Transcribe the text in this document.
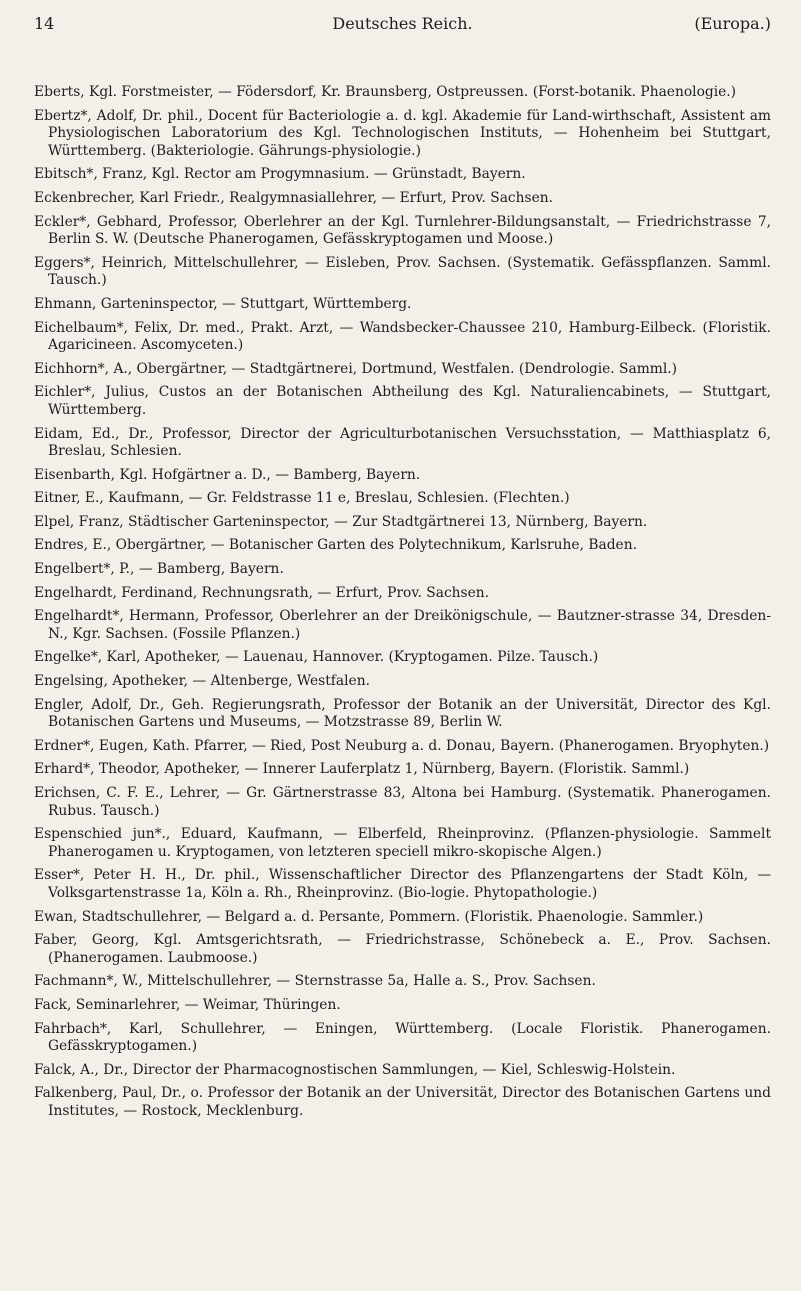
14	Deutsches Reich.	(Europa.)

Eberts, Kgl. Forstmeister, — Födersdorf, Kr. Braunsberg, Ostpreussen. (Forst-botanik. Phaenologie.)

Ebertz*, Adolf, Dr. phil., Docent für Bacteriologie a. d. kgl. Akademie für Land-wirthschaft, Assistent am Physiologischen Laboratorium des Kgl. Technologischen Instituts, — Hohenheim bei Stuttgart, Württemberg. (Bakteriologie. Gährungs-physiologie.)

Ebitsch*, Franz, Kgl. Rector am Progymnasium. — Grünstadt, Bayern.

Eckenbrecher, Karl Friedr., Realgymnasiallehrer, — Erfurt, Prov. Sachsen.

Eckler*, Gebhard, Professor, Oberlehrer an der Kgl. Turnlehrer-Bildungsanstalt, — Friedrichstrasse 7, Berlin S. W. (Deutsche Phanerogamen, Gefässkryptogamen und Moose.)

Eggers*, Heinrich, Mittelschullehrer, — Eisleben, Prov. Sachsen. (Systematik. Gefässpflanzen. Samml. Tausch.)

Ehmann, Garteninspector, — Stuttgart, Württemberg.

Eichelbaum*, Felix, Dr. med., Prakt. Arzt, — Wandsbecker-Chaussee 210, Hamburg-Eilbeck. (Floristik. Agaricineen. Ascomyceten.)

Eichhorn*, A., Obergärtner, — Stadtgärtnerei, Dortmund, Westfalen. (Dendrologie. Samml.)

Eichler*, Julius, Custos an der Botanischen Abtheilung des Kgl. Naturaliencabinets, — Stuttgart, Württemberg.

Eidam, Ed., Dr., Professor, Director der Agriculturbotanischen Versuchsstation, — Matthiasplatz 6, Breslau, Schlesien.

Eisenbarth, Kgl. Hofgärtner a. D., — Bamberg, Bayern.

Eitner, E., Kaufmann, — Gr. Feldstrasse 11 e, Breslau, Schlesien. (Flechten.)

Elpel, Franz, Städtischer Garteninspector, — Zur Stadtgärtnerei 13, Nürnberg, Bayern.

Endres, E., Obergärtner, — Botanischer Garten des Polytechnikum, Karlsruhe, Baden.

Engelbert*, P., — Bamberg, Bayern.

Engelhardt, Ferdinand, Rechnungsrath, — Erfurt, Prov. Sachsen.

Engelhardt*, Hermann, Professor, Oberlehrer an der Dreikönigschule, — Bautzner-strasse 34, Dresden-N., Kgr. Sachsen. (Fossile Pflanzen.)

Engelke*, Karl, Apotheker, — Lauenau, Hannover. (Kryptogamen. Pilze. Tausch.)

Engelsing, Apotheker, — Altenberge, Westfalen.

Engler, Adolf, Dr., Geh. Regierungsrath, Professor der Botanik an der Universität, Director des Kgl. Botanischen Gartens und Museums, — Motzstrasse 89, Berlin W.

Erdner*, Eugen, Kath. Pfarrer, — Ried, Post Neuburg a. d. Donau, Bayern. (Phanerogamen. Bryophyten.)

Erhard*, Theodor, Apotheker, — Innerer Lauferplatz 1, Nürnberg, Bayern. (Floristik. Samml.)

Erichsen, C. F. E., Lehrer, — Gr. Gärtnerstrasse 83, Altona bei Hamburg. (Systematik. Phanerogamen. Rubus. Tausch.)

Espenschied jun*., Eduard, Kaufmann, — Elberfeld, Rheinprovinz. (Pflanzen-physiologie. Sammelt Phanerogamen u. Kryptogamen, von letzteren speciell mikro-skopische Algen.)

Esser*, Peter H. H., Dr. phil., Wissenschaftlicher Director des Pflanzengartens der Stadt Köln, — Volksgartenstrasse 1a, Köln a. Rh., Rheinprovinz. (Bio-logie. Phytopathologie.)

Ewan, Stadtschullehrer, — Belgard a. d. Persante, Pommern. (Floristik. Phaenologie. Sammler.)

Faber, Georg, Kgl. Amtsgerichtsrath, — Friedrichstrasse, Schönebeck a. E., Prov. Sachsen. (Phanerogamen. Laubmoose.)

Fachmann*, W., Mittelschullehrer, — Sternstrasse 5a, Halle a. S., Prov. Sachsen.

Fack, Seminarlehrer, — Weimar, Thüringen.

Fahrbach*, Karl, Schullehrer, — Eningen, Württemberg. (Locale Floristik. Phanerogamen. Gefässkryptogamen.)

Falck, A., Dr., Director der Pharmacognostischen Sammlungen, — Kiel, Schleswig-Holstein.

Falkenberg, Paul, Dr., o. Professor der Botanik an der Universität, Director des Botanischen Gartens und Institutes, — Rostock, Mecklenburg.
